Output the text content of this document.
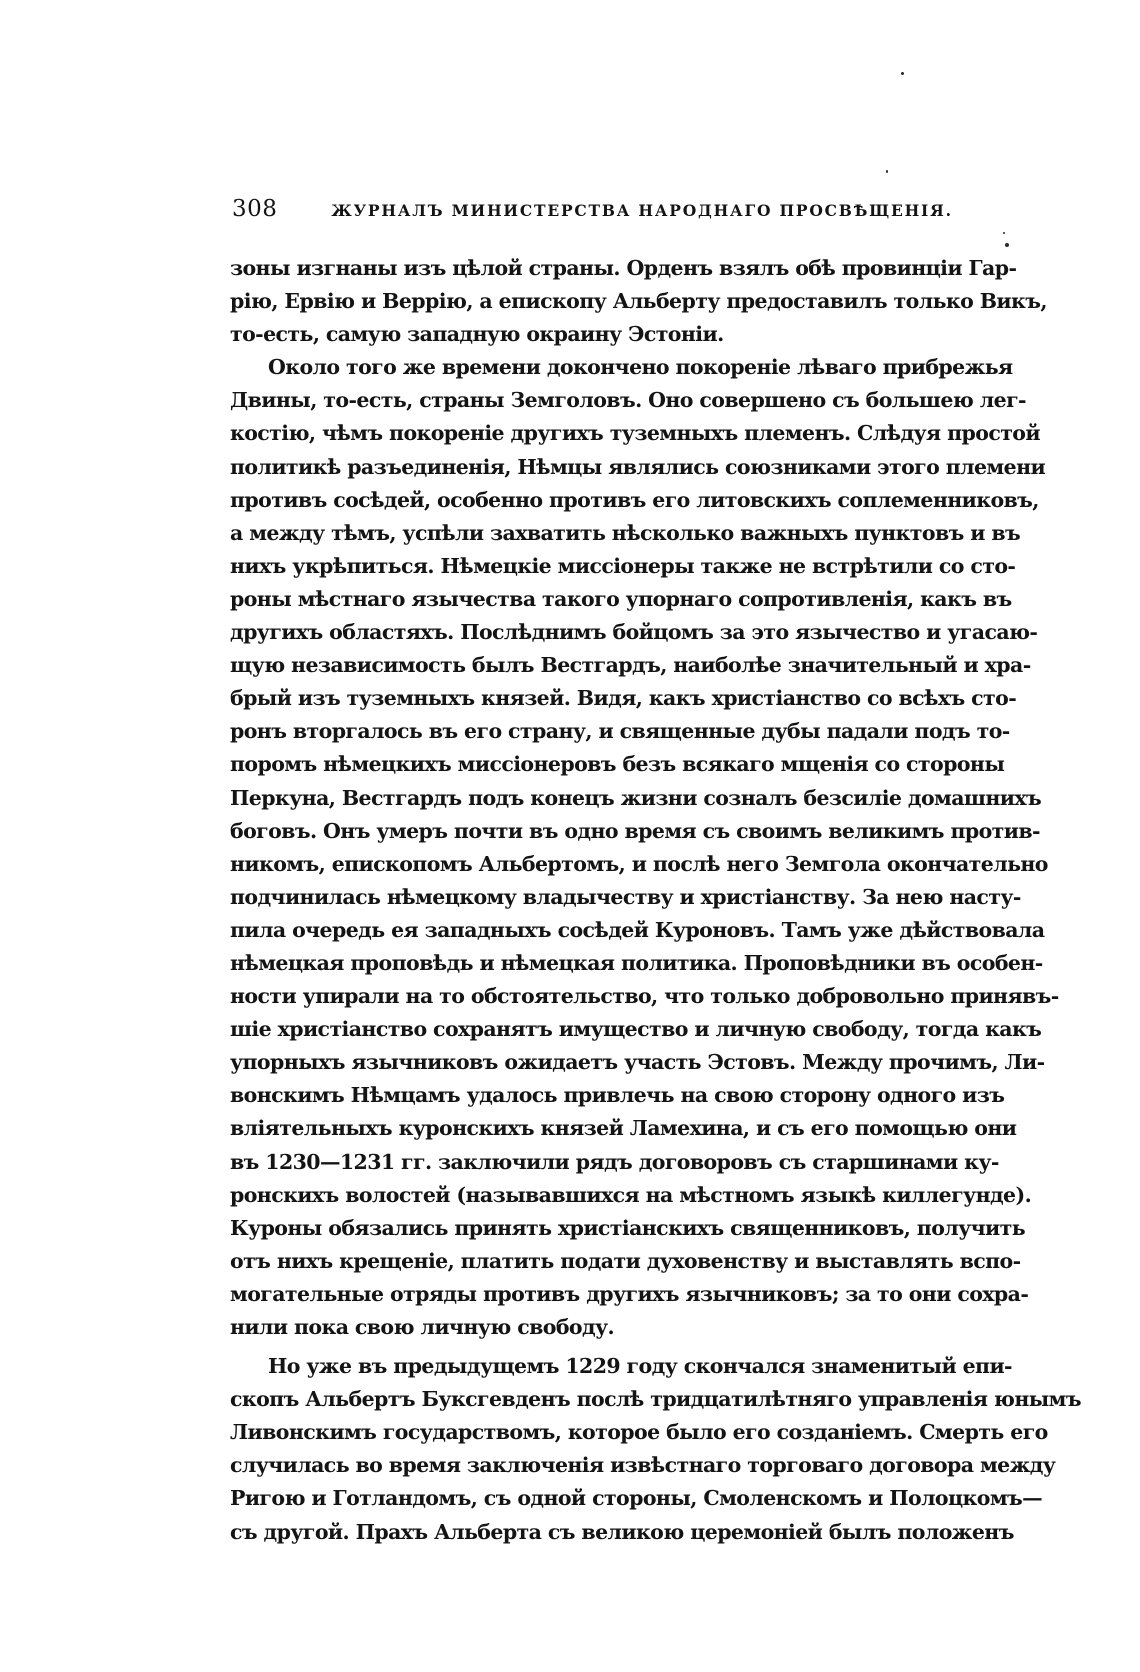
308	ЖУРНАЛЪ МИНИСТЕРСТВА НАРОДНАГО ПРОСВѢЩЕНІЯ.
зоны изгнаны изъ цѣлой страны. Орденъ взялъ обѣ провинціи Гар-
рію, Ервію и Веррію, а епископу Альберту предоставилъ только Викъ,
то-есть, самую западную окраину Эстоніи.
Около того же времени докончено покореніе лѣваго прибрежья
Двины, то-есть, страны Земголовъ. Оно совершено съ большею лег-
костію, чѣмъ покореніе другихъ туземныхъ племенъ. Слѣдуя простой
политикѣ разъединенія, Нѣмцы являлись союзниками этого племени
противъ сосѣдей, особенно противъ его литовскихъ соплеменниковъ,
а между тѣмъ, успѣли захватить нѣсколько важныхъ пунктовъ и въ
нихъ укрѣпиться. Нѣмецкіе миссіонеры также не встрѣтили со сто-
роны мѣстнаго язычества такого упорнаго сопротивленія, какъ въ
другихъ областяхъ. Послѣднимъ бойцомъ за это язычество и угасаю-
щую независимость былъ Вестгардъ, наиболѣе значительный и хра-
брый изъ туземныхъ князей. Видя, какъ христіанство со всѣхъ сто-
ронъ вторгалось въ его страну, и священные дубы падали подъ то-
поромъ нѣмецкихъ миссіонеровъ безъ всякаго мщенія со стороны
Перкуна, Вестгардъ подъ конецъ жизни созналъ безсиліе домашнихъ
боговъ. Онъ умеръ почти въ одно время съ своимъ великимъ против-
никомъ, епископомъ Альбертомъ, и послѣ него Земгола окончательно
подчинилась нѣмецкому владычеству и христіанству. За нею насту-
пила очередь ея западныхъ сосѣдей Куроновъ. Тамъ уже дѣйствовала
нѣмецкая проповѣдь и нѣмецкая политика. Проповѣдники въ особен-
ности упирали на то обстоятельство, что только добровольно принявъ-
шіе христіанство сохранятъ имущество и личную свободу, тогда какъ
упорныхъ язычниковъ ожидаетъ участь Эстовъ. Между прочимъ, Ли-
вонскимъ Нѣмцамъ удалось привлечь на свою сторону одного изъ
вліятельныхъ куронскихъ князей Ламехина, и съ его помощью они
въ 1230—1231 гг. заключили рядъ договоровъ съ старшинами ку-
ронскихъ волостей (называвшихся на мѣстномъ языкѣ киллегунде).
Куроны обязались принять христіанскихъ священниковъ, получить
отъ нихъ крещеніе, платить подати духовенству и выставлять вспо-
могательные отряды противъ другихъ язычниковъ; за то они сохра-
нили пока свою личную свободу.
Но уже въ предыдущемъ 1229 году скончался знаменитый епи-
скопъ Альбертъ Буксгевденъ послѣ тридцатилѣтняго управленія юнымъ
Ливонскимъ государствомъ, которое было его созданіемъ. Смерть его
случилась во время заключенія извѣстнаго торговаго договора между
Ригою и Готландомъ, съ одной стороны, Смоленскомъ и Полоцкомъ—
съ другой. Прахъ Альберта съ великою церемоніей былъ положенъ
